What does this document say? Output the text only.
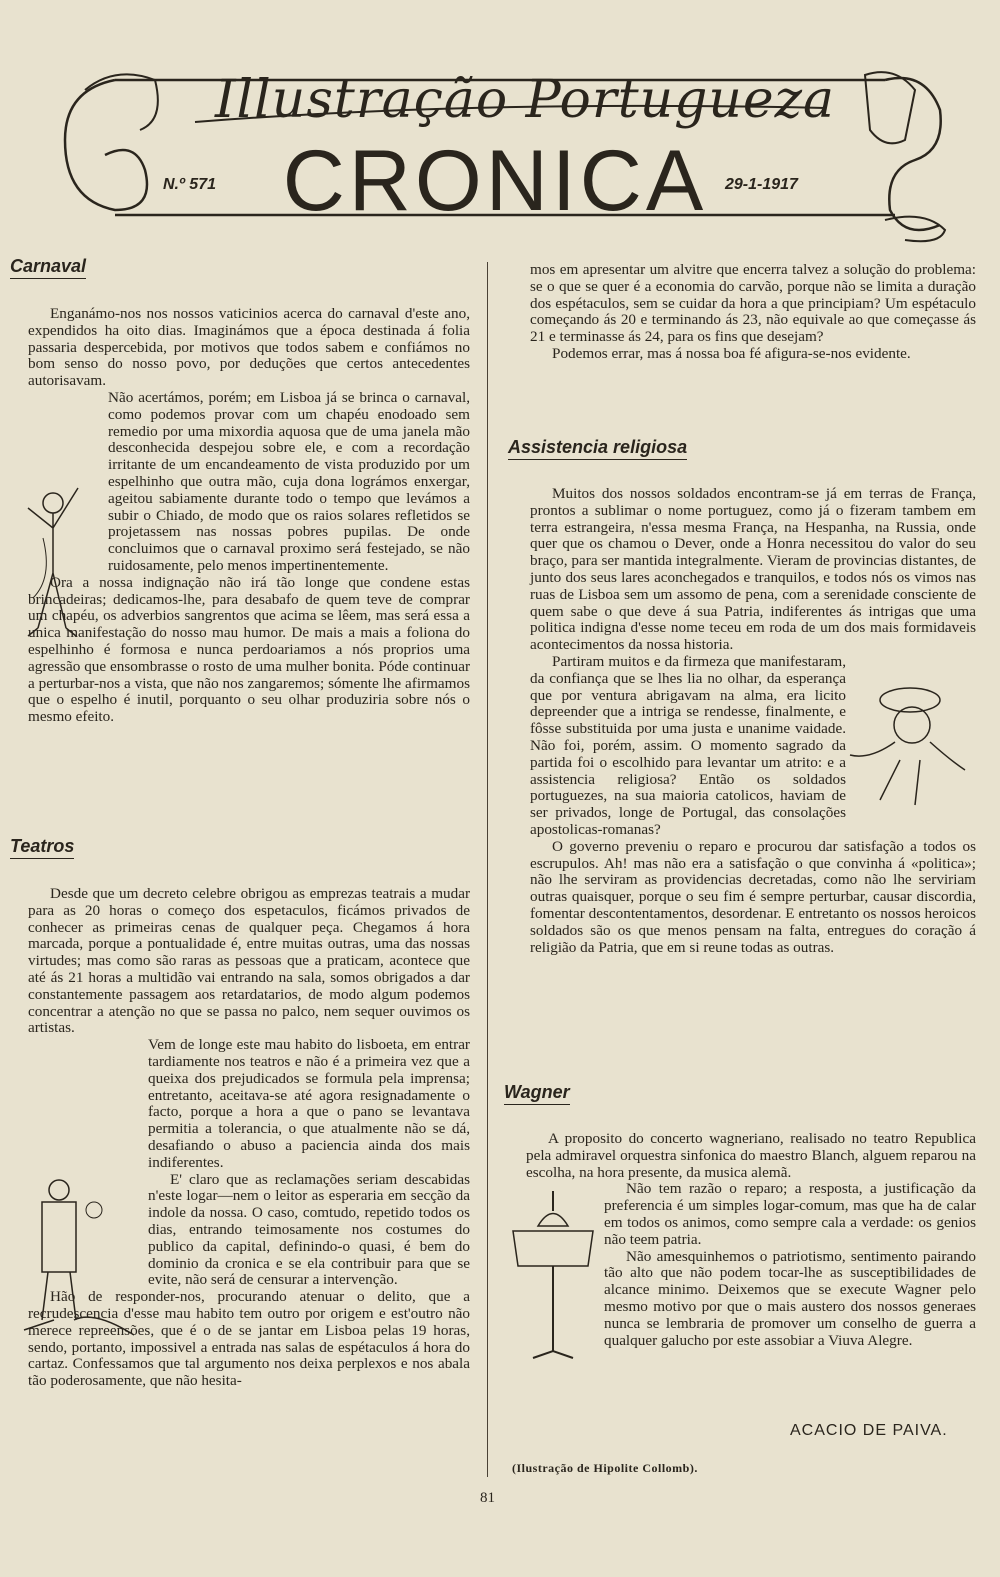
Illustração Portugueza
N.º 571 CRONICA	29-1-1917
Carnaval

Enganámo-nos nos nossos vaticinios acerca do carnaval d'este ano, expendidos ha oito dias. Imaginámos que a época destinada á folia passaria despercebida, por motivos que todos sabem e confiámos no bom senso do nosso povo, por deduções que certos antecedentes autorisavam.

Não acertámos, porém; em Lisboa já se brinca o carnaval, como podemos provar com um chapéu enodoado sem remedio por uma mixordia aquosa que de uma janela mão desconhecida despejou sobre ele, e com a recordação irritante de um encandeamento de vista produzido por um espelhinho que outra mão, cuja dona lográmos enxergar, ageitou sabiamente durante todo o tempo que levámos a subir o Chiado, de modo que os raios solares refletidos se projetassem nas nossas pobres pupilas. De onde concluimos que o carnaval proximo será festejado, se não ruidosamente, pelo menos impertinentemente.

Ora a nossa indignação não irá tão longe que condene estas brincadeiras; dedicamos-lhe, para desabafo de quem teve de comprar um chapéu, os adverbios sangrentos que acima se lêem, mas será essa a unica manifestação do nosso mau humor. De mais a mais a foliona do espelhinho é formosa e nunca perdoariamos a nós proprios uma agressão que ensombrasse o rosto de uma mulher bonita. Póde continuar a perturbar-nos a vista, que não nos zangaremos; sómente lhe afirmamos que o espelho é inutil, porquanto o seu olhar produziria sobre nós o mesmo efeito.

Teatros

Desde que um decreto celebre obrigou as emprezas teatrais a mudar para as 20 horas o começo dos espetaculos, ficámos privados de conhecer as primeiras cenas de qualquer peça. Chegamos á hora marcada, porque a pontualidade é, entre muitas outras, uma das nossas virtudes; mas como são raras as pessoas que a praticam, acontece que até ás 21 horas a multidão vai entrando na sala, somos obrigados a dar constantemente passagem aos retardatarios, de modo algum podemos concentrar a atenção no que se passa no palco, nem sequer ouvimos os artistas.

Vem de longe este mau habito do lisboeta, em entrar tardiamente nos teatros e não é a primeira vez que a queixa dos prejudicados se formula pela imprensa; entretanto, aceitava-se até agora resignadamente o facto, porque a hora a que o pano se levantava permitia a tolerancia, o que atualmente não se dá, desafiando o abuso a paciencia ainda dos mais indiferentes.

E' claro que as reclamações seriam descabidas n'este logar—nem o leitor as esperaria em secção da indole da nossa. O caso, comtudo, repetido todos os dias, entrando teimosamente nos costumes do publico da capital, definindo-o quasi, é bem do dominio da cronica e se ela contribuir para que se evite, não será de censurar a intervenção.

Hão de responder-nos, procurando atenuar o delito, que a recrudescencia d'esse mau habito tem outro por origem e est'outro não merece repreensões, que é o de se jantar em Lisboa pelas 19 horas, sendo, portanto, impossivel a entrada nas salas de espétaculos á hora do cartaz. Confessamos que tal argumento nos deixa perplexos e nos abala tão poderosamente, que não hesita-

mos em apresentar um alvitre que encerra talvez a solução do problema: se o que se quer é a economia do carvão, porque não se limita a duração dos espétaculos, sem se cuidar da hora a que principiam? Um espétaculo começando ás 20 e terminando ás 23, não equivale ao que começasse ás 21 e terminasse ás 24, para os fins que desejam?

Podemos errar, mas á nossa boa fé afigura-se-nos evidente.

Assistencia religiosa

Muitos dos nossos soldados encontram-se já em terras de França, prontos a sublimar o nome portuguez, como já o fizeram tambem em terra estrangeira, n'essa mesma França, na Hespanha, na Russia, onde quer que os chamou o Dever, onde a Honra necessitou do valor do seu braço, para ser mantida integralmente. Vieram de provincias distantes, de junto dos seus lares aconchegados e tranquilos, e todos nós os vimos nas ruas de Lisboa sem um assomo de pena, com a serenidade consciente de quem sabe o que deve á sua Patria, indiferentes ás intrigas que uma politica indigna d'esse nome teceu em roda de um dos mais formidaveis acontecimentos da nossa historia.

Partiram muitos e da firmeza que manifestaram, da confiança que se lhes lia no olhar, da esperança que por ventura abrigavam na alma, era licito depreender que a intriga se rendesse, finalmente, e fôsse substituida por uma justa e unanime vaidade. Não foi, porém, assim. O momento sagrado da partida foi o escolhido para levantar um atrito: e a assistencia religiosa? Então os soldados portuguezes, na sua maioria catolicos, haviam de ser privados, longe de Portugal, das consolações apostolicas-romanas?

O governo preveniu o reparo e procurou dar satisfação a todos os escrupulos. Ah! mas não era a satisfação o que convinha á «politica»; não lhe serviram as providencias decretadas, como não lhe serviriam outras quaisquer, porque o seu fim é sempre perturbar, causar discordia, fomentar descontentamentos, desordenar. E entretanto os nossos heroicos soldados são os que menos pensam na falta, entregues do coração á religião da Patria, que em si reune todas as outras.

Wagner

A proposito do concerto wagneriano, realisado no teatro Republica pela admiravel orquestra sinfonica do maestro Blanch, alguem reparou na escolha, na hora presente, da musica alemã.

Não tem razão o reparo; a resposta, a justificação da preferencia é um simples logar-comum, mas que ha de calar em todos os animos, como sempre cala a verdade: os genios não teem patria.

Não amesquinhemos o patriotismo, sentimento pairando tão alto que não podem tocar-lhe as susceptibilidades de alcance minimo. Deixemos que se execute Wagner pelo mesmo motivo por que o mais austero dos nossos generaes nunca se lembraria de promover um conselho de guerra a qualquer galucho por este assobiar a Viuva Alegre.

ACACIO DE PAIVA.
(Ilustração de Hipolite Collomb).
81
